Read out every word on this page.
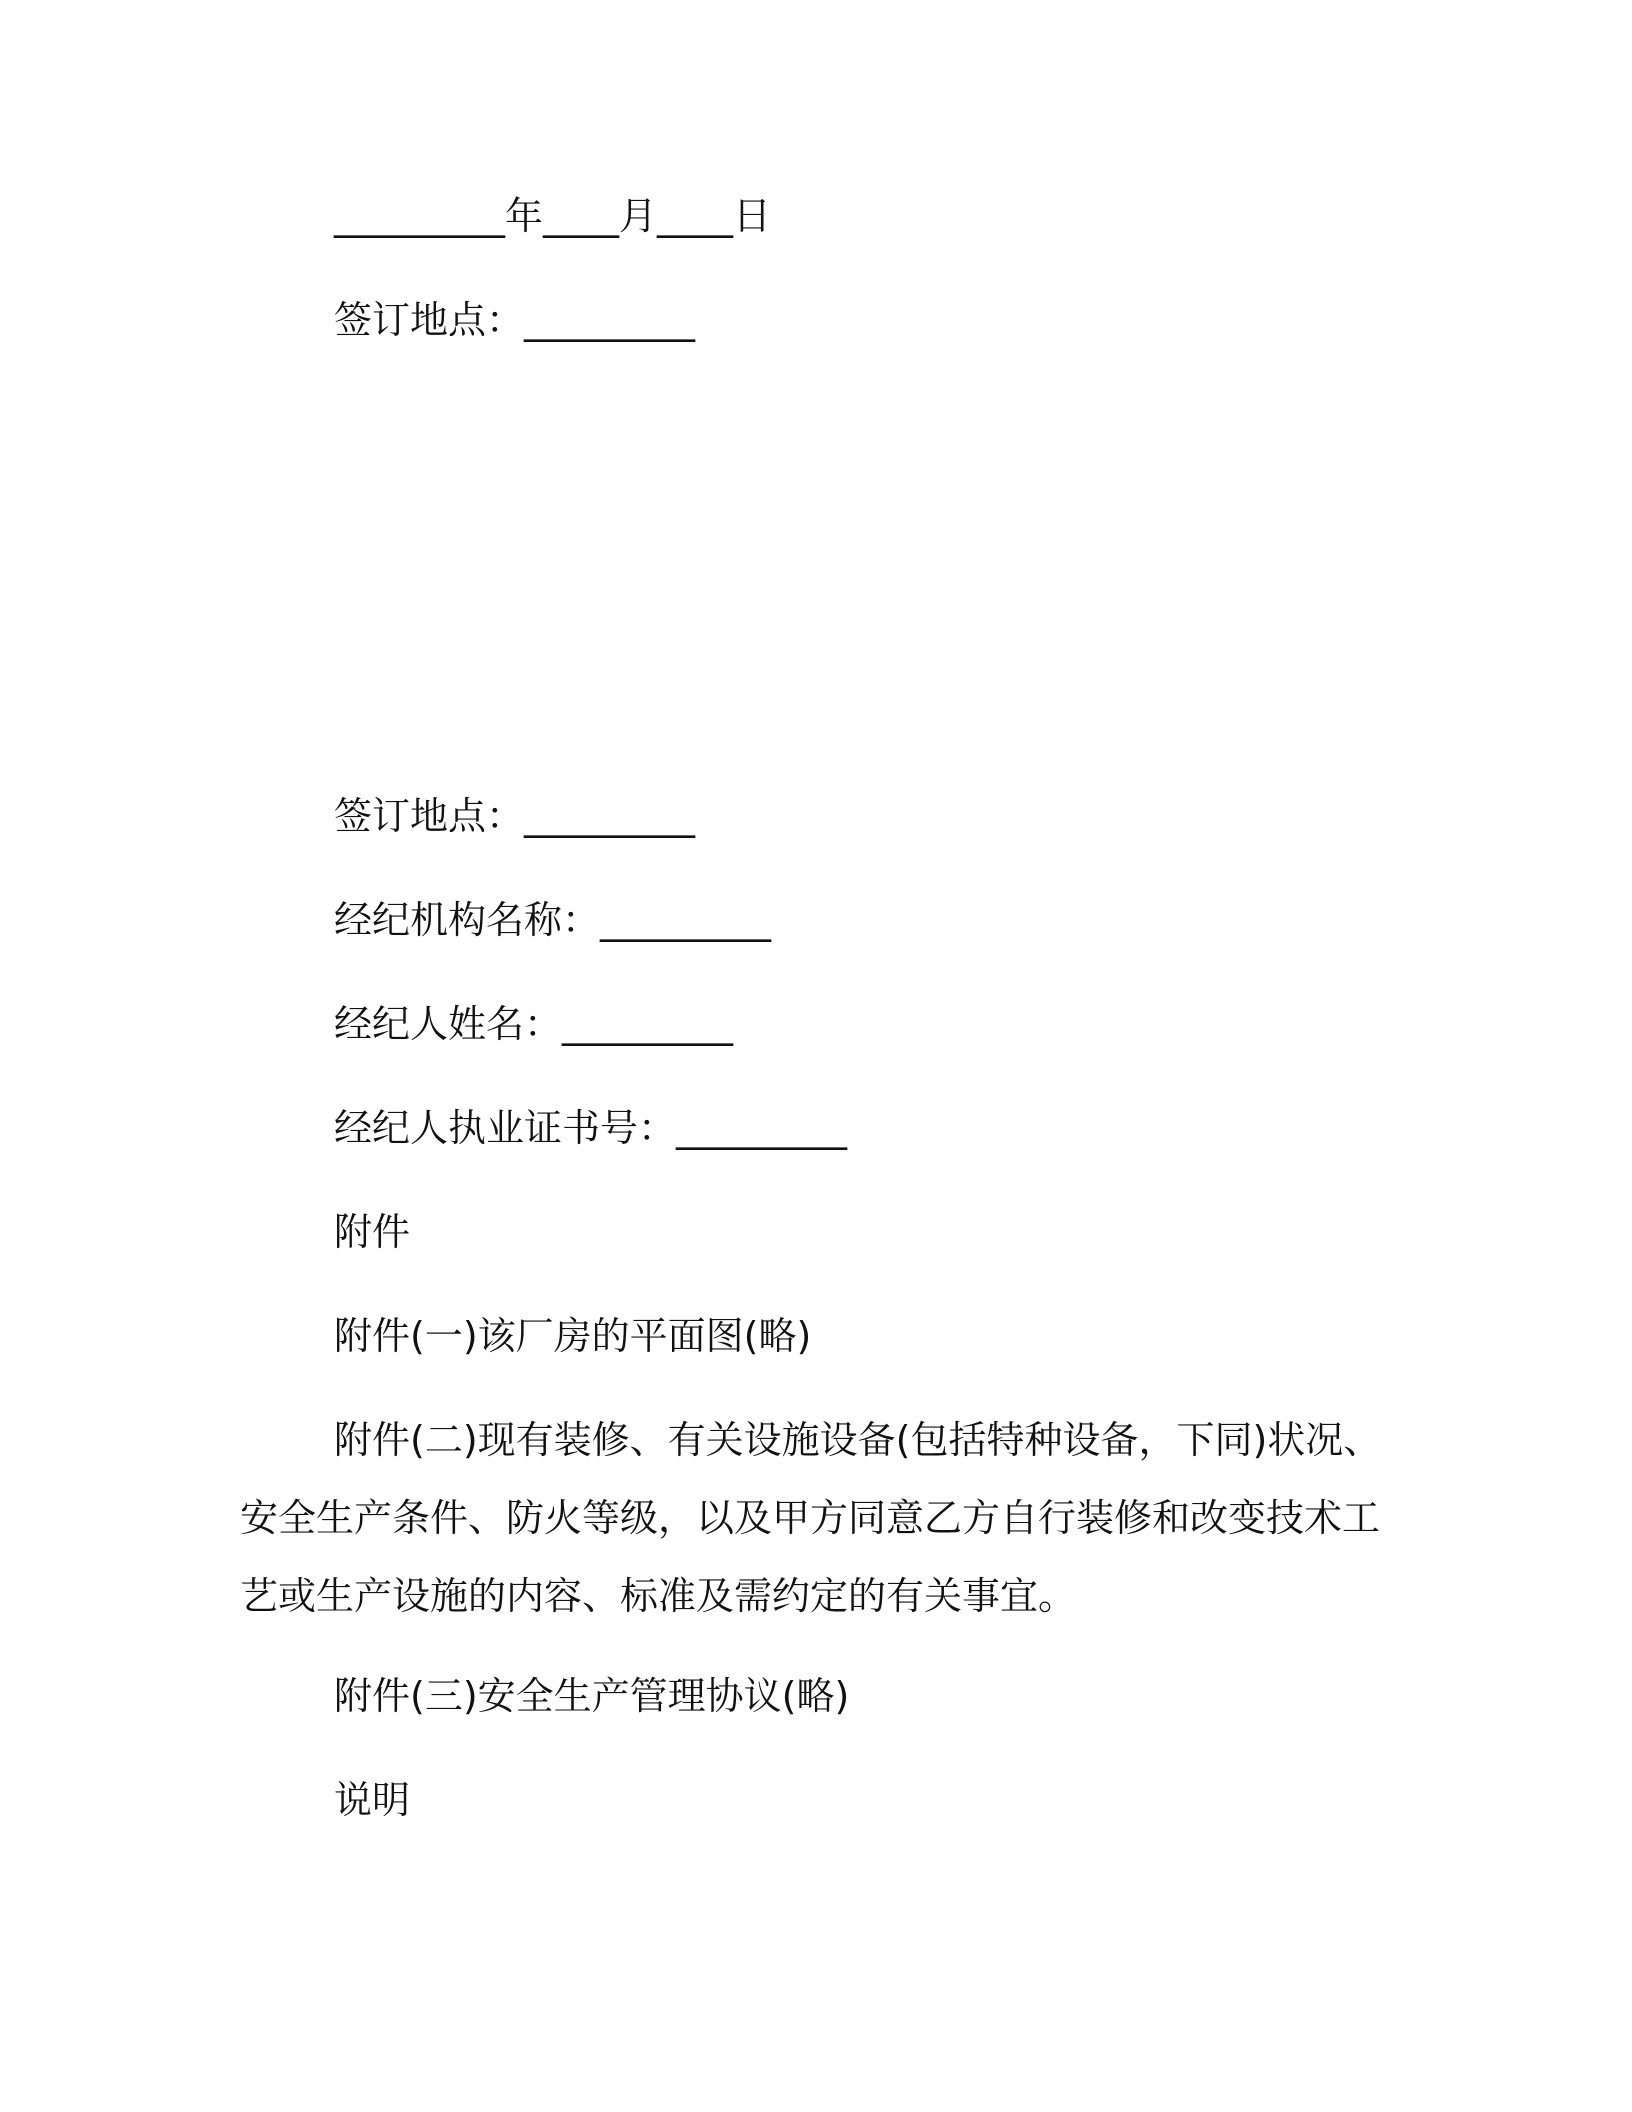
_________年____月____日

签订地点：_________

签订地点：_________

经纪机构名称：_________

经纪人姓名：_________

经纪人执业证书号：_________

附件

附件(一)该厂房的平面图(略)

附件(二)现有装修、有关设施设备(包括特种设备，下同)状况、安全生产条件、防火等级，以及甲方同意乙方自行装修和改变技术工艺或生产设施的内容、标准及需约定的有关事宜。

附件(三)安全生产管理协议(略)

说明
